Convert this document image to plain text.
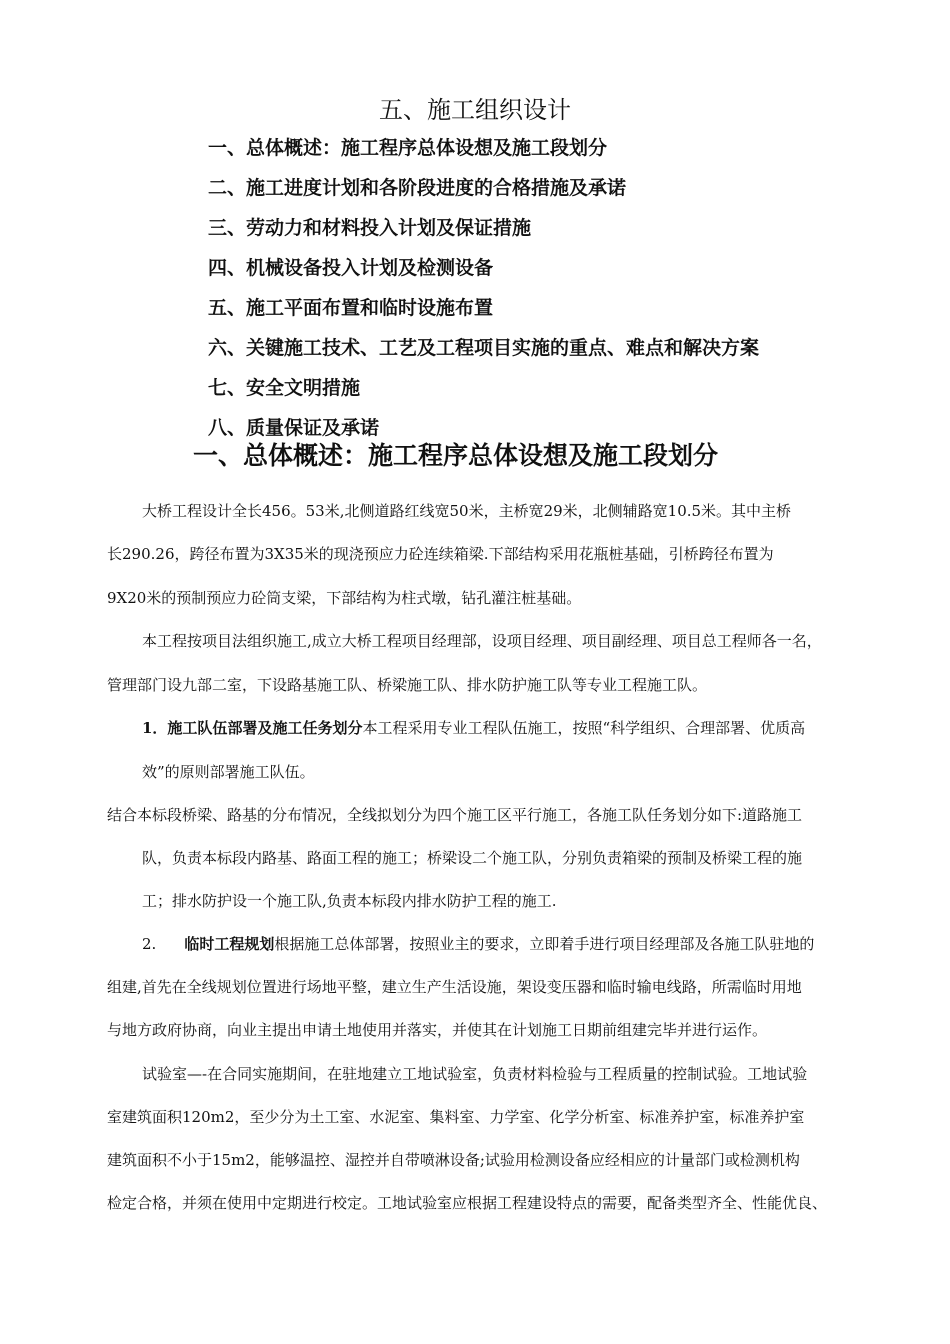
五、施工组织设计
一、总体概述：施工程序总体设想及施工段划分
二、施工进度计划和各阶段进度的合格措施及承诺
三、劳动力和材料投入计划及保证措施
四、机械设备投入计划及检测设备
五、施工平面布置和临时设施布置
六、关键施工技术、工艺及工程项目实施的重点、难点和解决方案
七、安全文明措施
八、质量保证及承诺
一、总体概述：施工程序总体设想及施工段划分
大桥工程设计全长456。53米,北侧道路红线宽50米，主桥宽29米，北侧辅路宽10.5米。其中主桥
长290.26，跨径布置为3X35米的现浇预应力砼连续箱梁.下部结构采用花瓶桩基础，引桥跨径布置为
9X20米的预制预应力砼筒支梁，下部结构为柱式墩，钻孔灌注桩基础。
本工程按项目法组织施工,成立大桥工程项目经理部，设项目经理、项目副经理、项目总工程师各一名，
管理部门设九部二室，下设路基施工队、桥梁施工队、排水防护施工队等专业工程施工队。
1．施工队伍部署及施工任务划分本工程采用专业工程队伍施工，按照“科学组织、合理部署、优质高
效”的原则部署施工队伍。
结合本标段桥梁、路基的分布情况，全线拟划分为四个施工区平行施工，各施工队任务划分如下:道路施工
队，负责本标段内路基、路面工程的施工；桥梁设二个施工队，分别负责箱梁的预制及桥梁工程的施
工；排水防护设一个施工队,负责本标段内排水防护工程的施工.
2. 临时工程规划根据施工总体部署，按照业主的要求，立即着手进行项目经理部及各施工队驻地的
组建,首先在全线规划位置进行场地平整，建立生产生活设施，架设变压器和临时输电线路，所需临时用地
与地方政府协商，向业主提出申请土地使用并落实，并使其在计划施工日期前组建完毕并进行运作。
试验室—-在合同实施期间，在驻地建立工地试验室，负责材料检验与工程质量的控制试验。工地试验
室建筑面积120m2，至少分为土工室、水泥室、集料室、力学室、化学分析室、标准养护室，标准养护室
建筑面积不小于15m2，能够温控、湿控并自带喷淋设备;试验用检测设备应经相应的计量部门或检测机构
检定合格，并须在使用中定期进行校定。工地试验室应根据工程建设特点的需要，配备类型齐全、性能优良、
